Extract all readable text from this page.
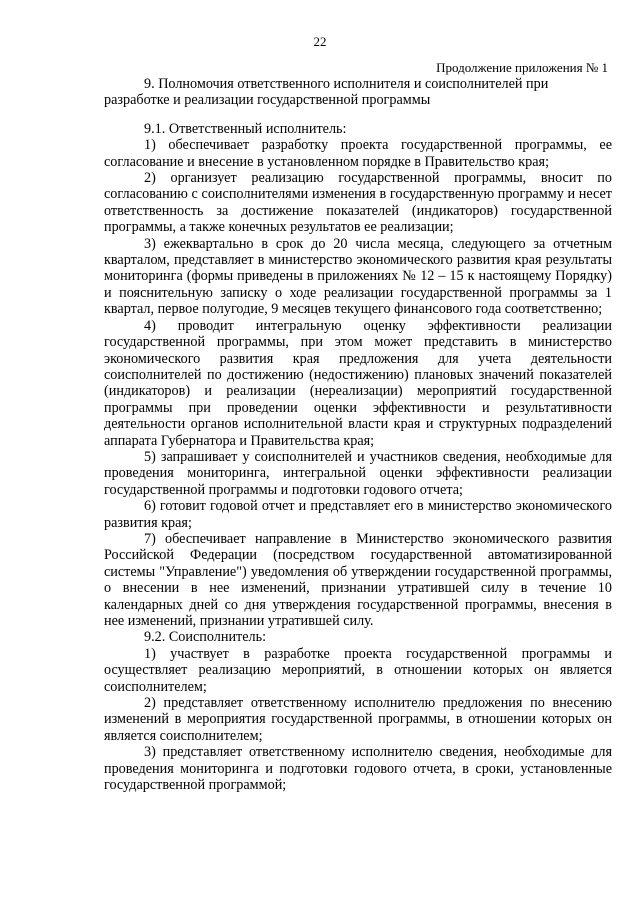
22
Продолжение приложения № 1

9. Полномочия ответственного исполнителя и соисполнителей при разработке и реализации государственной программы

9.1. Ответственный исполнитель:

1) обеспечивает разработку проекта государственной программы, ее согласование и внесение в установленном порядке в Правительство края;

2) организует реализацию государственной программы, вносит по согласованию с соисполнителями изменения в государственную программу и несет ответственность за достижение показателей (индикаторов) государственной программы, а также конечных результатов ее реализации;

3) ежеквартально в срок до 20 числа месяца, следующего за отчетным кварталом, представляет в министерство экономического развития края результаты мониторинга (формы приведены в приложениях № 12 – 15 к настоящему Порядку) и пояснительную записку о ходе реализации государственной программы за 1 квартал, первое полугодие, 9 месяцев текущего финансового года соответственно;

4) проводит интегральную оценку эффективности реализации государственной программы, при этом может представить в министерство экономического развития края предложения для учета деятельности соисполнителей по достижению (недостижению) плановых значений показателей (индикаторов) и реализации (нереализации) мероприятий государственной программы при проведении оценки эффективности и результативности деятельности органов исполнительной власти края и структурных подразделений аппарата Губернатора и Правительства края;

5) запрашивает у соисполнителей и участников сведения, необходимые для проведения мониторинга, интегральной оценки эффективности реализации государственной программы и подготовки годового отчета;

6) готовит годовой отчет и представляет его в министерство экономического развития края;

7) обеспечивает направление в Министерство экономического развития Российской Федерации (посредством государственной автоматизированной системы "Управление") уведомления об утверждении государственной программы, о внесении в нее изменений, признании утратившей силу в течение 10 календарных дней со дня утверждения государственной программы, внесения в нее изменений, признании утратившей силу.

9.2. Соисполнитель:

1) участвует в разработке проекта государственной программы и осуществляет реализацию мероприятий, в отношении которых он является соисполнителем;

2) представляет ответственному исполнителю предложения по внесению изменений в мероприятия государственной программы, в отношении которых он является соисполнителем;

3) представляет ответственному исполнителю сведения, необходимые для проведения мониторинга и подготовки годового отчета, в сроки, установленные государственной программой;
